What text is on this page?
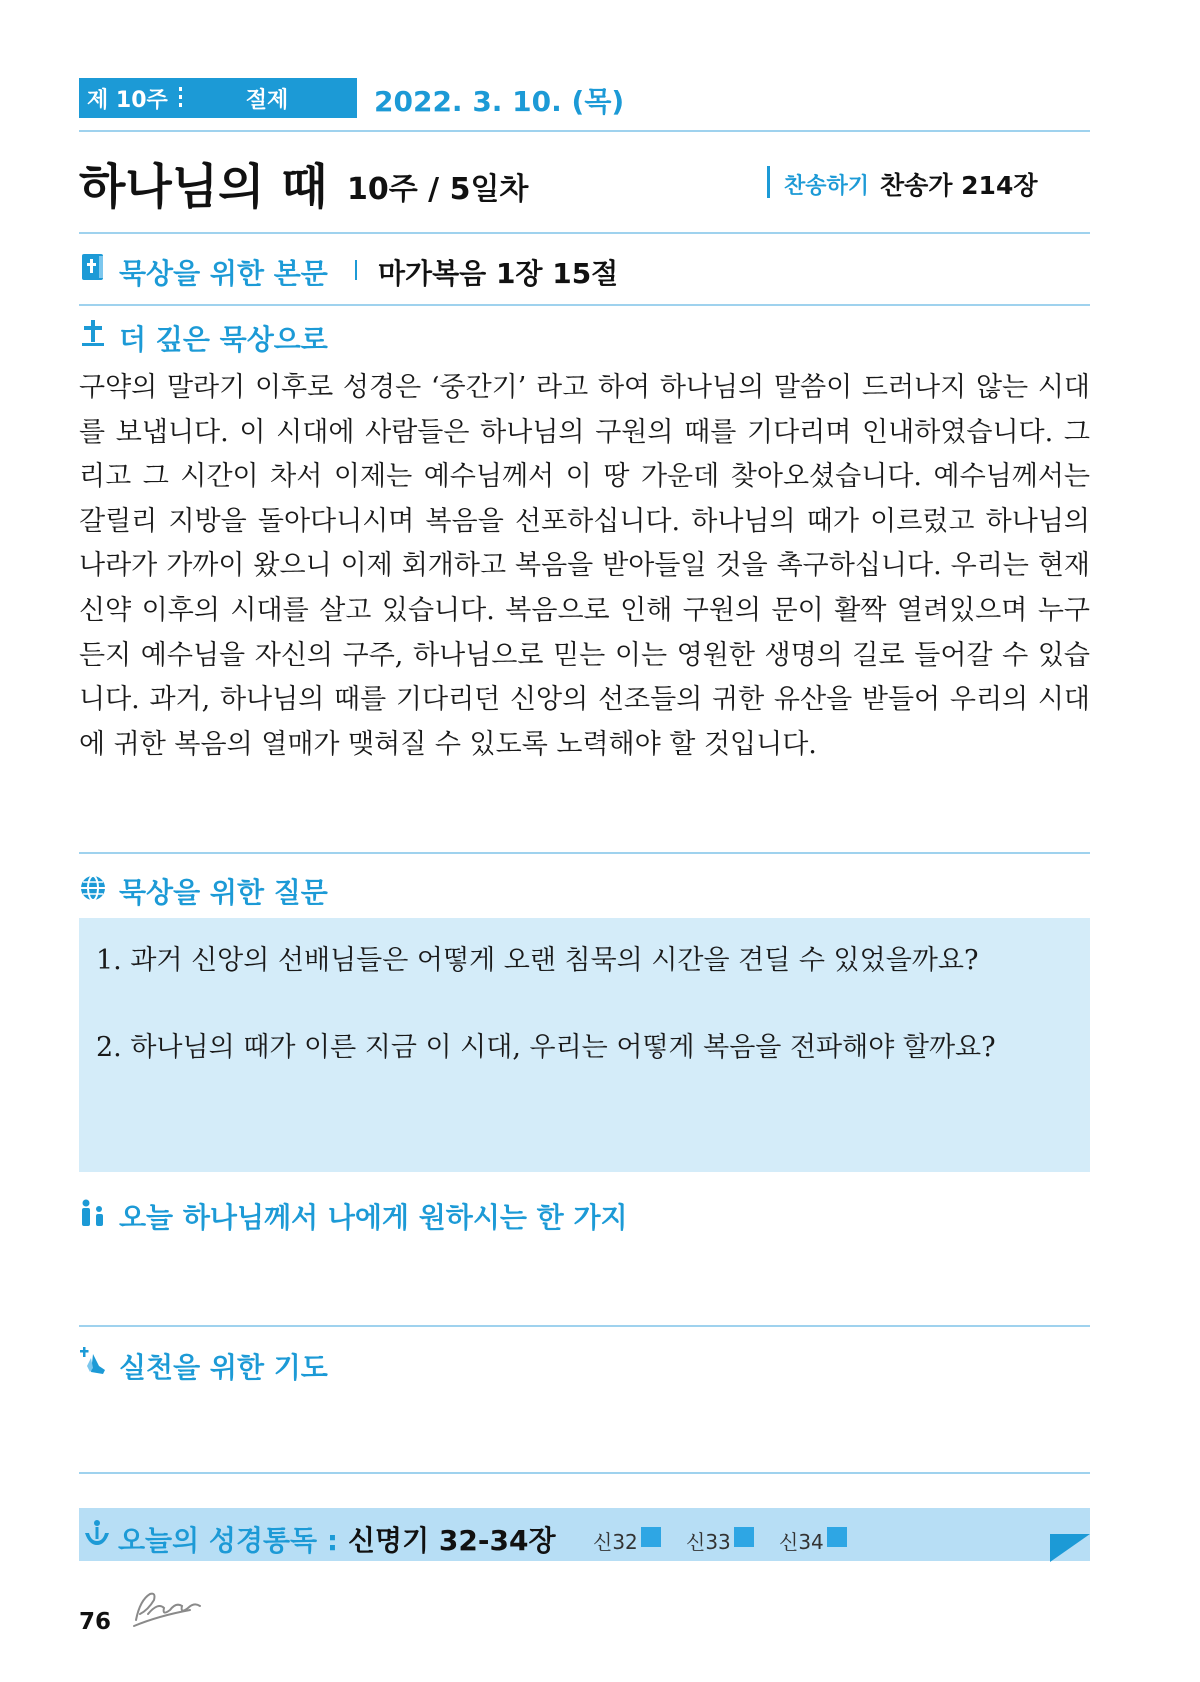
제 10주	절제	2022. 3. 10. (목)
하나님의 때 10주 / 5일차	찬송하기 찬송가 214장
묵상을 위한 본문 마가복음 1장 15절
더 깊은 묵상으로
구약의 말라기 이후로 성경은 ‘중간기’ 라고 하여 하나님의 말씀이 드러나지 않는 시대를 보냅니다. 이 시대에 사람들은 하나님의 구원의 때를 기다리며 인내하였습니다. 그리고 그 시간이 차서 이제는 예수님께서 이 땅 가운데 찾아오셨습니다. 예수님께서는 갈릴리 지방을 돌아다니시며 복음을 선포하십니다. 하나님의 때가 이르렀고 하나님의 나라가 가까이 왔으니 이제 회개하고 복음을 받아들일 것을 촉구하십니다. 우리는 현재 신약 이후의 시대를 살고 있습니다. 복음으로 인해 구원의 문이 활짝 열려있으며 누구든지 예수님을 자신의 구주, 하나님으로 믿는 이는 영원한 생명의 길로 들어갈 수 있습니다. 과거, 하나님의 때를 기다리던 신앙의 선조들의 귀한 유산을 받들어 우리의 시대에 귀한 복음의 열매가 맺혀질 수 있도록 노력해야 할 것입니다.
묵상을 위한 질문
1. 과거 신앙의 선배님들은 어떻게 오랜 침묵의 시간을 견딜 수 있었을까요?
2. 하나님의 때가 이른 지금 이 시대, 우리는 어떻게 복음을 전파해야 할까요?
오늘 하나님께서 나에게 원하시는 한 가지
실천을 위한 기도
오늘의 성경통독 : 신명기 32-34장 신32 신33 신34
76
